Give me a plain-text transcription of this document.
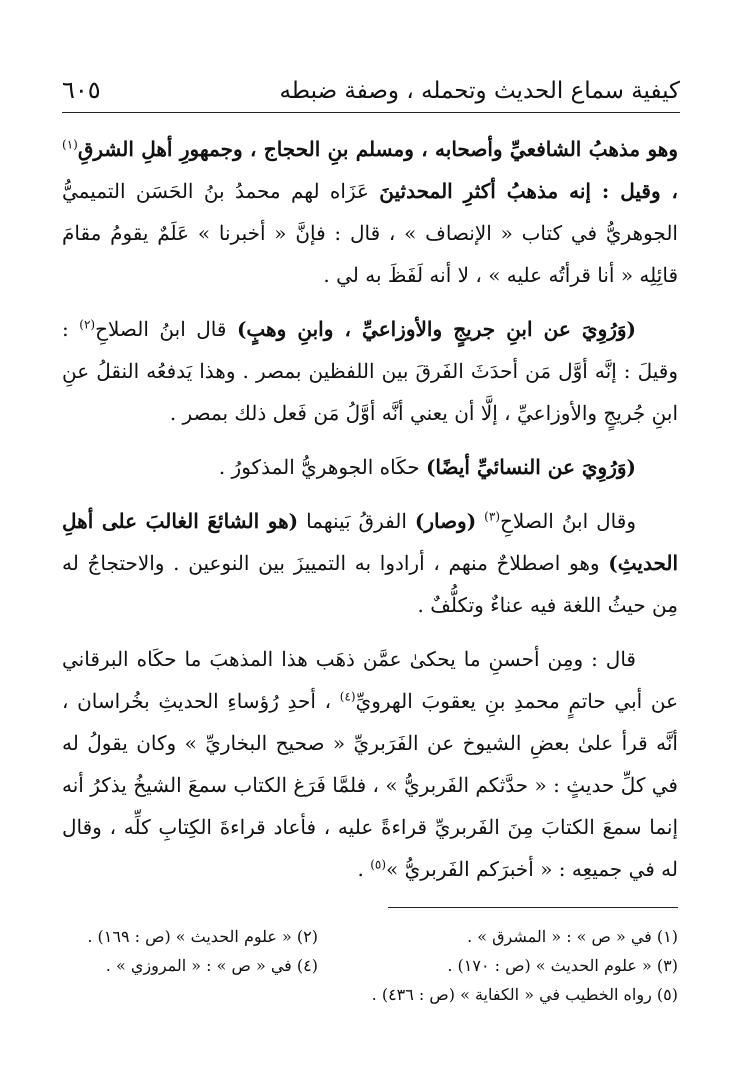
كيفية سماع الحديث وتحمله ، وصفة ضبطه
٦٠٥

وهو مذهبُ الشافعيِّ وأصحابه ، ومسلم بنِ الحجاج ، وجمهورِ أهلِ الشرقِ$^{(١)}$ ، وقيل : إنه مذهبُ أكثرِ المحدثينَ عَزَاه لهم محمدُ بنُ الحَسَن التميميُّ الجوهريُّ في كتاب « الإنصاف » ، قال : فإنَّ « أخبرنا » عَلَمٌ يقومُ مقامَ قائِلِه « أنا قرأتُه عليه » ، لا أنه لَفَظَ به لي .

(وَرُوِيَ عن ابنِ جريجٍ والأوزاعيِّ ، وابنِ وهبٍ) قال ابنُ الصلاحِ$^{(٢)}$ : وقيلَ : إنَّه أوَّل مَن أحدَثَ الفَرقَ بين اللفظين بمصر . وهذا يَدفعُه النقلُ عنِ ابنِ جُريجٍ والأوزاعيِّ ، إلَّا أن يعني أنَّه أوَّلُ مَن فَعل ذلك بمصر .

(وَرُوِيَ عن النسائيِّ أيضًا) حكَاه الجوهريُّ المذكورُ .

وقال ابنُ الصلاحِ$^{(٣)}$ (وصار) الفرقُ بَينهما (هو الشائعَ الغالبَ على أهلِ الحديثِ) وهو اصطلاحٌ منهم ، أرادوا به التمييزَ بين النوعين . والاحتجاجُ له مِن حيثُ اللغة فيه عناءٌ وتكلُّفٌ .

قال : ومِن أحسنِ ما يحكىٰ عمَّن ذهَب هذا المذهبَ ما حكَاه البرقاني عن أبي حاتمٍ محمدِ بنِ يعقوبَ الهرويِّ$^{(٤)}$ ، أحدِ رُؤساءِ الحديثِ بخُراسان ، أنَّه قرأ علىٰ بعضِ الشيوخ عن الفَرَبريِّ « صحيح البخاريِّ » وكان يقولُ له في كلِّ حديثٍ : « حدَّثكم الفَربريُّ » ، فلمَّا فَرَغ الكتاب سمعَ الشيخُ يذكرُ أنه إنما سمعَ الكتابَ مِنَ الفَربريِّ قراءةً عليه ، فأعاد قراءةَ الكِتابِ كلِّه ، وقال له في جميعِه : « أخبرَكم الفَربريُّ »$^{(٥)}$ .

(١) في « ص » : « المشرق » .
(٢) « علوم الحديث » (ص : ١٦٩) .
(٣) « علوم الحديث » (ص : ١٧٠) .
(٤) في « ص » : « المروزي » .
(٥) رواه الخطيب في « الكفاية » (ص : ٤٣٦) .
